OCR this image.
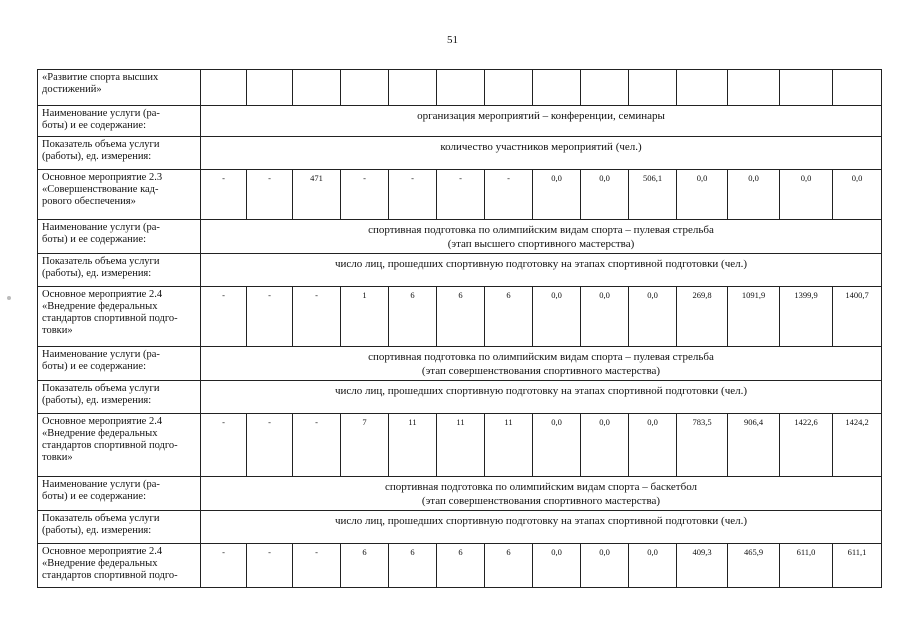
51
«Развитие спорта высших
достижений»														

Наименование услуги (ра-
боты) и ее содержание:	организация мероприятий – конференции, семинары													

Показатель объема услуги
(работы), ед. измерения:	количество участников мероприятий (чел.)													

Основное мероприятие 2.3
«Совершенствование кад-
рового обеспечения»	-	-	471	-	-	-	-	0,0	0,0	506,1	0,0	0,0	0,0	0,0

Наименование услуги (ра-
боты) и ее содержание:	спортивная подготовка по олимпийским видам спорта – пулевая стрельба
(этап высшего спортивного мастерства)													

Показатель объема услуги
(работы), ед. измерения:	число лиц, прошедших спортивную подготовку на этапах спортивной подготовки (чел.)													

Основное мероприятие 2.4
«Внедрение федеральных
стандартов спортивной подго-
товки»	-	-	-	1	6	6	6	0,0	0,0	0,0	269,8	1091,9	1399,9	1400,7

Наименование услуги (ра-
боты) и ее содержание:	спортивная подготовка по олимпийским видам спорта – пулевая стрельба
(этап совершенствования спортивного мастерства)													

Показатель объема услуги
(работы), ед. измерения:	число лиц, прошедших спортивную подготовку на этапах спортивной подготовки (чел.)													

Основное мероприятие 2.4
«Внедрение федеральных
стандартов спортивной подго-
товки»	-	-	-	7	11	11	11	0,0	0,0	0,0	783,5	906,4	1422,6	1424,2

Наименование услуги (ра-
боты) и ее содержание:	спортивная подготовка по олимпийским видам спорта – баскетбол
(этап совершенствования спортивного мастерства)													

Показатель объема услуги
(работы), ед. измерения:	число лиц, прошедших спортивную подготовку на этапах спортивной подготовки (чел.)													

Основное мероприятие 2.4
«Внедрение федеральных
стандартов спортивной подго-	-	-	-	6	6	6	6	0,0	0,0	0,0	409,3	465,9	611,0	611,1
